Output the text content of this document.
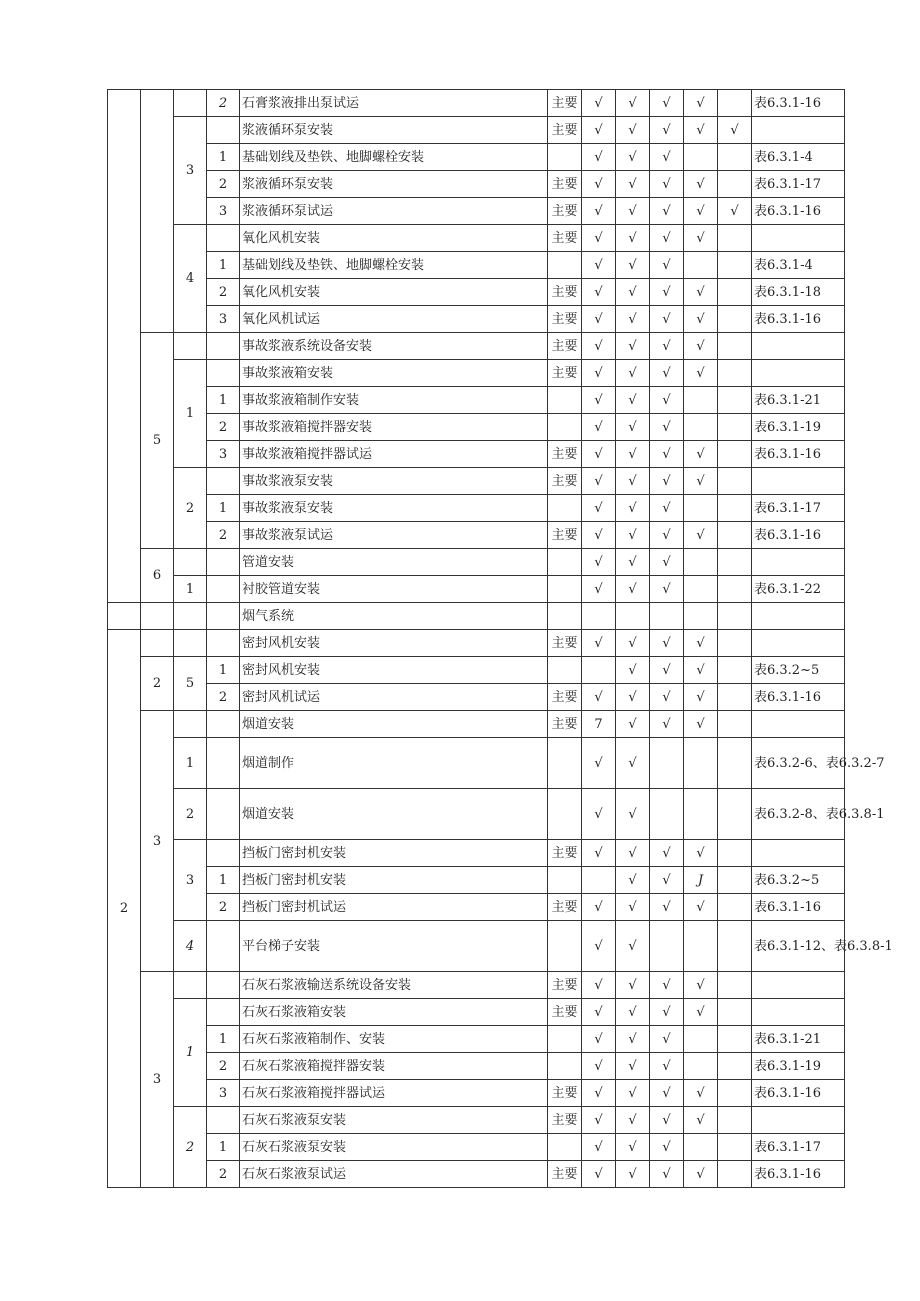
			2	石膏浆液排出泵试运	主要	√	√	√	√		表6.3.1-16
		3		浆液循环泵安装	主要	√	√	√	√	√	
			1	基础划线及垫铁、地脚螺栓安装		√	√	√			表6.3.1-4
			2	浆液循环泵安装	主要	√	√	√	√		表6.3.1-17
			3	浆液循环泵试运	主要	√	√	√	√	√	表6.3.1-16
		4		氧化风机安装	主要	√	√	√	√		
			1	基础划线及垫铁、地脚螺栓安装		√	√	√			表6.3.1-4
			2	氧化风机安装	主要	√	√	√	√		表6.3.1-18
			3	氧化风机试运	主要	√	√	√	√		表6.3.1-16
	5			事故浆液系统设备安装	主要	√	√	√	√		
		1		事故浆液箱安装	主要	√	√	√	√		
			1	事故浆液箱制作安装		√	√	√			表6.3.1-21
			2	事故浆液箱搅拌器安装		√	√	√			表6.3.1-19
			3	事故浆液箱搅拌器试运	主要	√	√	√	√		表6.3.1-16
		2		事故浆液泵安装	主要	√	√	√	√		
			1	事故浆液泵安装		√	√	√			表6.3.1-17
			2	事故浆液泵试运	主要	√	√	√	√		表6.3.1-16
	6			管道安装		√	√	√			
		1		衬胶管道安装		√	√	√			表6.3.1-22
				烟气系统							
2				密封风机安装	主要	√	√	√	√		
	2	5	1	密封风机安装			√	√	√		表6.3.2~5
			2	密封风机试运	主要	√	√	√	√		表6.3.1-16
	3			烟道安装	主要	7	√	√	√		
		1		烟道制作		√	√				表6.3.2-6、表6.3.2-7
		2		烟道安装		√	√				表6.3.2-8、表6.3.8-1
		3		挡板门密封机安装	主要	√	√	√	√		
			1	挡板门密封机安装			√	√	J		表6.3.2~5
			2	挡板门密封机试运	主要	√	√	√	√		表6.3.1-16
		4		平台梯子安装		√	√				表6.3.1-12、表6.3.8-1
	3			石灰石浆液输送系统设备安装	主要	√	√	√	√		
		1		石灰石浆液箱安装	主要	√	√	√	√		
			1	石灰石浆液箱制作、安装		√	√	√			表6.3.1-21
			2	石灰石浆液箱搅拌器安装		√	√	√			表6.3.1-19
			3	石灰石浆液箱搅拌器试运	主要	√	√	√	√		表6.3.1-16
		2		石灰石浆液泵安装	主要	√	√	√	√		
			1	石灰石浆液泵安装		√	√	√			表6.3.1-17
			2	石灰石浆液泵试运	主要	√	√	√	√		表6.3.1-16
